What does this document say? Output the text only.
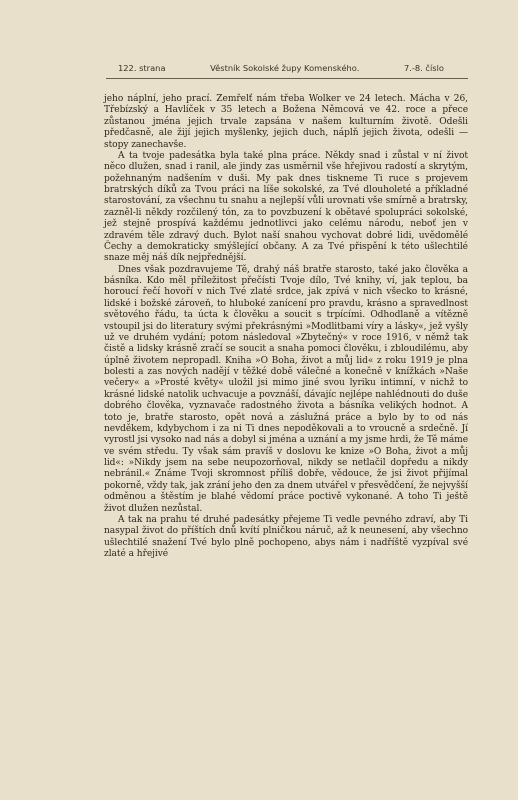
122. strana	Věstník Sokolské župy Komenského.	7.-8. číslo

jeho náplní, jeho prací. Zemřelť nám třeba Wolker ve 24 letech. Mácha v 26, Třebízský a Havlíček v 35 letech a Božena Němcová ve 42. roce a přece zůstanou jména jejich trvale zapsána v našem kulturním životě. Odešli předčasně, ale žijí jejich myšlenky, jejich duch, náplň jejich života, odešli — stopy zanechavše.

A ta tvoje padesátka byla také plna práce. Někdy snad i zůstal v ní život něco dlužen, snad i ranil, ale jindy zas usměrnil vše hřejivou radostí a skrytým, požehnaným nadšením v duši. My pak dnes tiskneme Ti ruce s projevem bratrských díků za Tvou práci na líše sokolské, za Tvé dlouholeté a příkladné starostování, za všechnu tu snahu a nejlepší vůli urovnati vše smírně a bratrsky, zazněl-li někdy rozčilený tón, za to povzbuzení k obětavé spolupráci sokolské, jež stejně prospívá každému jednotlivci jako celému národu, neboť jen v zdravém těle zdravý duch. Bylot naší snahou vychovat dobré lidi, uvědomělé Čechy a demokraticky smýšlející občany. A za Tvé přispění k této ušlechtilé snaze měj náš dík nejpřednější.

Dnes však pozdravujeme Tě, drahý náš bratře starosto, také jako člověka a básníka. Kdo měl příležitost přečísti Tvoje dílo, Tvé knihy, ví, jak teplou, ba horoucí řečí hovoří v nich Tvé zlaté srdce, jak zpívá v nich všecko to krásné, lidské i božské zároveň, to hluboké zanícení pro pravdu, krásno a spravedlnost světového řádu, ta úcta k člověku a soucit s trpícími. Odhodlaně a vítězně vstoupil jsi do literatury svými překrásnými »Modlitbami víry a lásky«, jež vyšly už ve druhém vydání; potom následoval »Zbytečný« v roce 1916, v němž tak čistě a lidsky krásně zračí se soucit a snaha pomoci člověku, i zbloudilému, aby úplně životem nepropadl. Kniha »O Boha, život a můj lid« z roku 1919 je plna bolesti a zas nových nadějí v těžké době válečné a konečně v knížkách »Naše večery« a »Prosté květy« uložil jsi mimo jiné svou lyriku intimní, v nichž to krásné lidské natolik uchvacuje a povznáší, dávajíc nejlépe nahlédnouti do duše dobrého člověka, vyznavače radostného života a básníka velikých hodnot. A toto je, bratře starosto, opět nová a záslužná práce a bylo by to od nás nevděkem, kdybychom i za ni Ti dnes nepoděkovali a to vroucně a srdečně. Jí vyrostl jsi vysoko nad nás a dobyl si jména a uznání a my jsme hrdi, že Tě máme ve svém středu. Ty však sám pravíš v doslovu ke knize »O Boha, život a můj lid«: »Nikdy jsem na sebe neupozorňoval, nikdy se netlačil dopředu a nikdy nebránil.« Známe Tvoji skromnost příliš dobře, vědouce, že jsi život přijímal pokorně, vždy tak, jak zrání jeho den za dnem utvářel v přesvědčení, že nejvyšší odměnou a štěstím je blahé vědomí práce poctivě vykonané. A toho Ti ještě život dlužen nezůstal.

A tak na prahu té druhé padesátky přejeme Ti vedle pevného zdraví, aby Ti nasypal život do příštích dnů kvítí plničkou náruč, až k neunesení, aby všechno ušlechtilé snažení Tvé bylo plně pochopeno, abys nám i nadříště vyzpíval své zlaté a hřejivé
